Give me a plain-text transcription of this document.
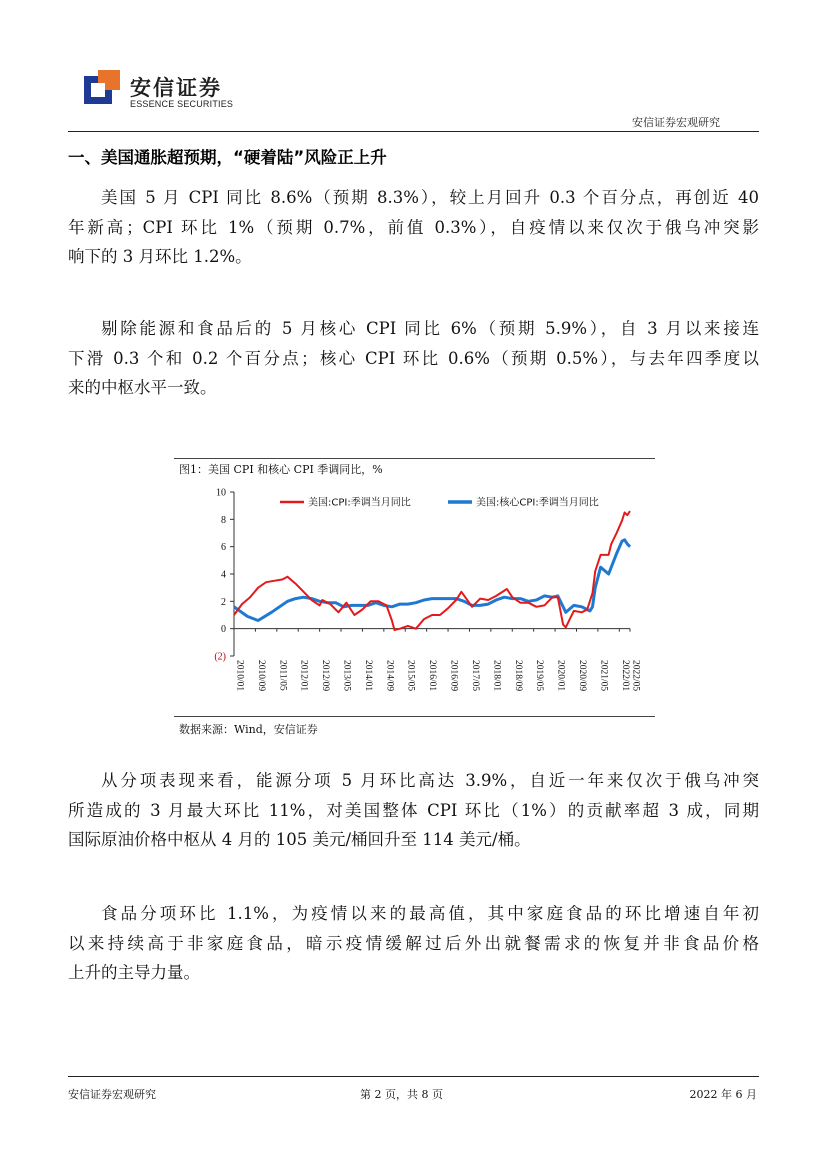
安信证券
ESSENCE SECURITIES
安信证券宏观研究
一、美国通胀超预期，“硬着陆”风险正上升
美国 5 月 CPI 同比 8.6%（预期 8.3%），较上月回升 0.3 个百分点，再创近 40
年新高；CPI 环比 1%（预期 0.7%，前值 0.3%），自疫情以来仅次于俄乌冲突影
响下的 3 月环比 1.2%。
剔除能源和食品后的 5 月核心 CPI 同比 6%（预期 5.9%），自 3 月以来接连
下滑 0.3 个和 0.2 个百分点；核心 CPI 环比 0.6%（预期 0.5%），与去年四季度以
来的中枢水平一致。
图1：美国 CPI 和核心 CPI 季调同比，%
(2)
0
2
4
6
8
10
2010/01 2010/09 2011/05 2012/01 2012/09 2013/05 2014/01 2014/09 2015/05 2016/01 2016/09 2017/05 2018/01 2018/09 2019/05 2020/01 2020/09 2021/05 2022/01 2022/05
美国:CPI:季调当月同比	美国:核心CPI:季调当月同比
数据来源：Wind，安信证券
从分项表现来看，能源分项 5 月环比高达 3.9%，自近一年来仅次于俄乌冲突
所造成的 3 月最大环比 11%，对美国整体 CPI 环比（1%）的贡献率超 3 成，同期
国际原油价格中枢从 4 月的 105 美元/桶回升至 114 美元/桶。
食品分项环比 1.1%，为疫情以来的最高值，其中家庭食品的环比增速自年初
以来持续高于非家庭食品，暗示疫情缓解过后外出就餐需求的恢复并非食品价格
上升的主导力量。
安信证券宏观研究	第 2 页，共 8 页	2022 年 6 月
